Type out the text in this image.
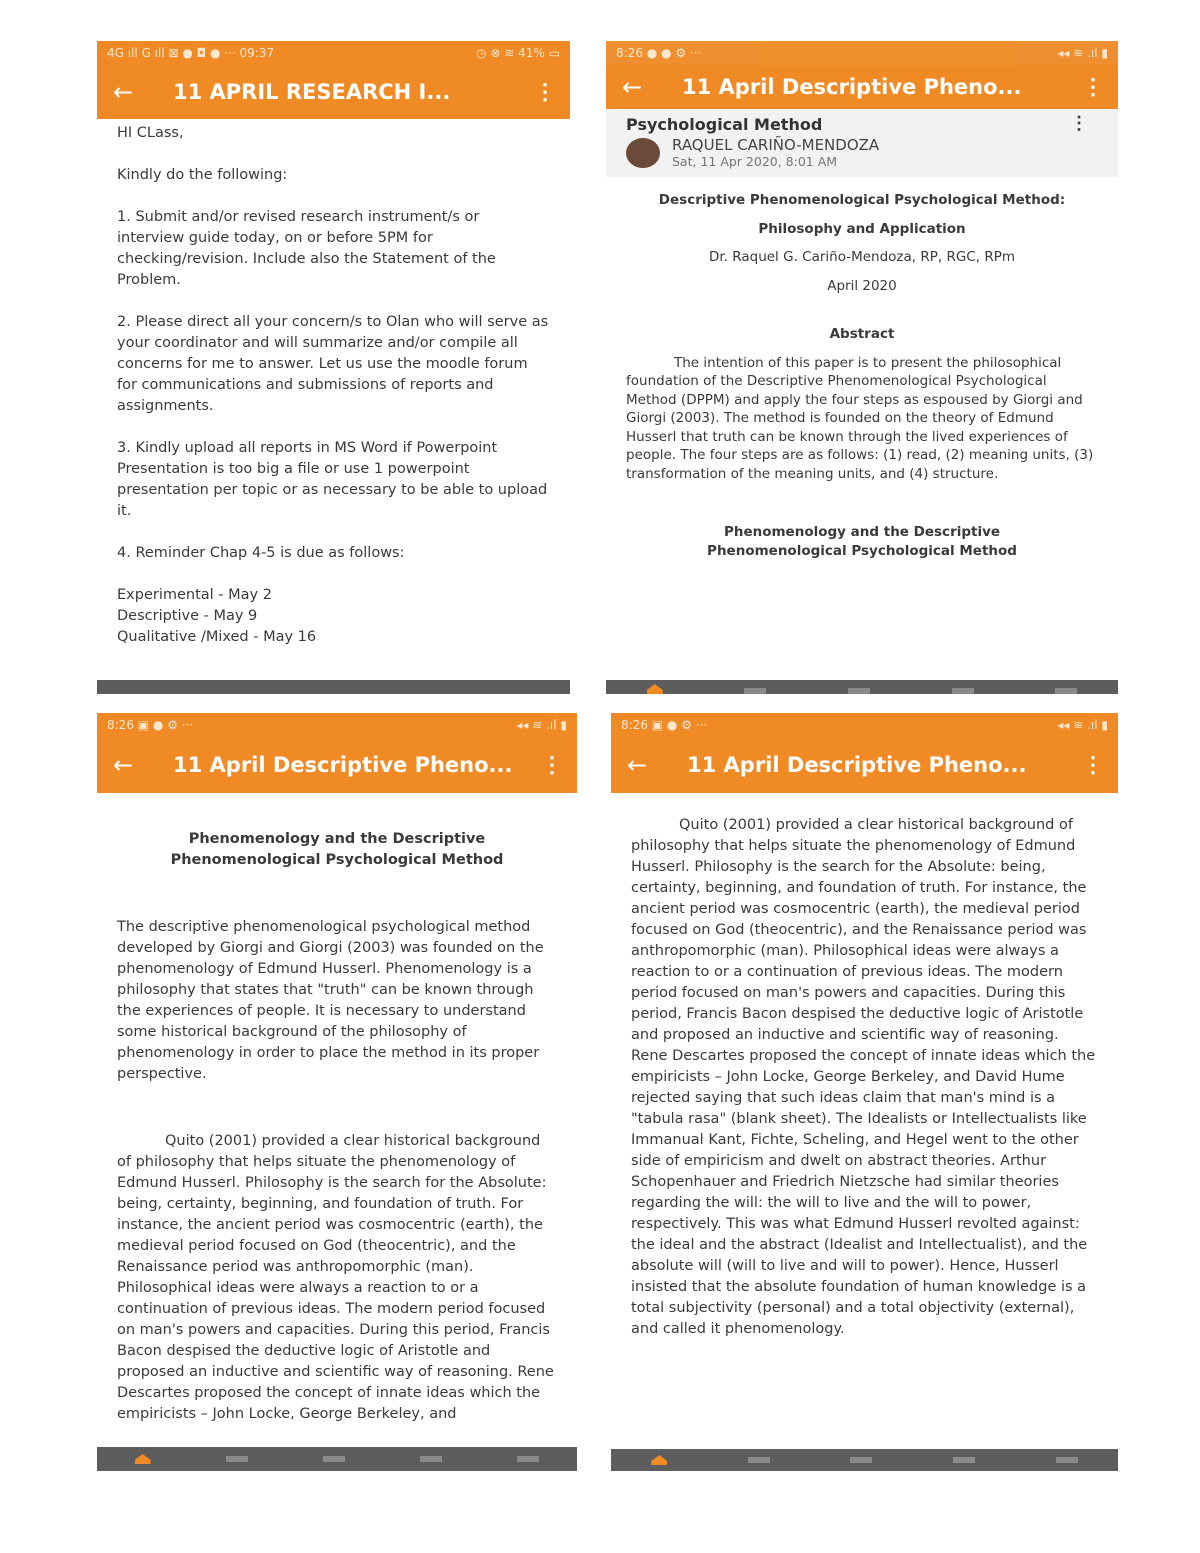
4G ıll G ıll ⊠ ● ◘ ● ··· 09:37	◷ ⊗ ≋ 41% ▭
←	11 APRIL RESEARCH I...	⋮

HI CLass,

Kindly do the following:

1. Submit and/or revised research instrument/s or interview guide today, on or before 5PM for checking/revision. Include also the Statement of the Problem.

2. Please direct all your concern/s to Olan who will serve as your coordinator and will summarize and/or compile all concerns for me to answer. Let us use the moodle forum for communications and submissions of reports and assignments.

3. Kindly upload all reports in MS Word if Powerpoint Presentation is too big a file or use 1 powerpoint presentation per topic or as necessary to be able to upload it.

4. Reminder Chap 4-5 is due as follows:

Experimental - May 2

Descriptive - May 9

Qualitative /Mixed - May 16

8:26 ● ● ⚙ ···	◂◂ ≋ .ıl ▮
←	11 April Descriptive Pheno...	⋮
Psychological Method	⋮
RAQUEL CARIÑO-MENDOZA
Sat, 11 Apr 2020, 8:01 AM

Descriptive Phenomenological Psychological Method:

Philosophy and Application

Dr. Raquel G. Cariño-Mendoza, RP, RGC, RPm

April 2020

Abstract

The intention of this paper is to present the philosophical foundation of the Descriptive Phenomenological Psychological Method (DPPM) and apply the four steps as espoused by Giorgi and Giorgi (2003). The method is founded on the theory of Edmund Husserl that truth can be known through the lived experiences of people. The four steps are as follows: (1) read, (2) meaning units, (3) transformation of the meaning units, and (4) structure.

Phenomenology and the Descriptive Phenomenological Psychological Method

8:26 ▣ ● ⚙ ···	◂◂ ≋ .ıl ▮
←	11 April Descriptive Pheno...	⋮

Phenomenology and the Descriptive Phenomenological Psychological Method

The descriptive phenomenological psychological method developed by Giorgi and Giorgi (2003) was founded on the phenomenology of Edmund Husserl. Phenomenology is a philosophy that states that "truth" can be known through the experiences of people. It is necessary to understand some historical background of the philosophy of phenomenology in order to place the method in its proper perspective.

Quito (2001) provided a clear historical background of philosophy that helps situate the phenomenology of Edmund Husserl. Philosophy is the search for the Absolute: being, certainty, beginning, and foundation of truth. For instance, the ancient period was cosmocentric (earth), the medieval period focused on God (theocentric), and the Renaissance period was anthropomorphic (man). Philosophical ideas were always a reaction to or a continuation of previous ideas. The modern period focused on man's powers and capacities. During this period, Francis Bacon despised the deductive logic of Aristotle and proposed an inductive and scientific way of reasoning. Rene Descartes proposed the concept of innate ideas which the empiricists – John Locke, George Berkeley, and

8:26 ▣ ● ⚙ ···	◂◂ ≋ .ıl ▮
←	11 April Descriptive Pheno...	⋮

Quito (2001) provided a clear historical background of philosophy that helps situate the phenomenology of Edmund Husserl. Philosophy is the search for the Absolute: being, certainty, beginning, and foundation of truth. For instance, the ancient period was cosmocentric (earth), the medieval period focused on God (theocentric), and the Renaissance period was anthropomorphic (man). Philosophical ideas were always a reaction to or a continuation of previous ideas. The modern period focused on man's powers and capacities. During this period, Francis Bacon despised the deductive logic of Aristotle and proposed an inductive and scientific way of reasoning. Rene Descartes proposed the concept of innate ideas which the empiricists – John Locke, George Berkeley, and David Hume rejected saying that such ideas claim that man's mind is a "tabula rasa" (blank sheet). The Idealists or Intellectualists like Immanual Kant, Fichte, Scheling, and Hegel went to the other side of empiricism and dwelt on abstract theories. Arthur Schopenhauer and Friedrich Nietzsche had similar theories regarding the will: the will to live and the will to power, respectively. This was what Edmund Husserl revolted against: the ideal and the abstract (Idealist and Intellectualist), and the absolute will (will to live and will to power). Hence, Husserl insisted that the absolute foundation of human knowledge is a total subjectivity (personal) and a total objectivity (external), and called it phenomenology.
